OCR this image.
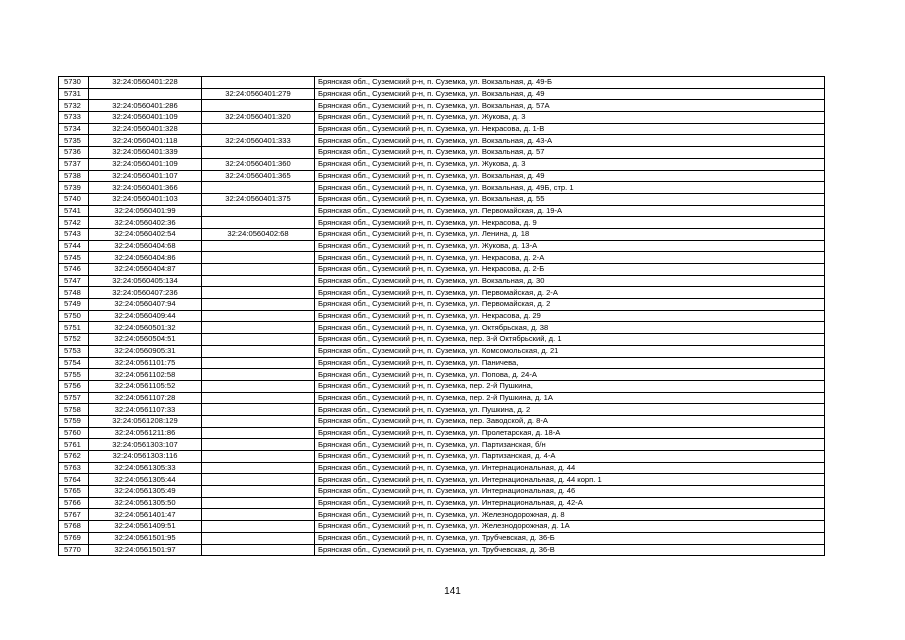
5730	32:24:0560401:228		Брянская обл., Суземский р-н, п. Суземка, ул. Вокзальная, д. 49-Б
5731		32:24:0560401:279	Брянская обл., Суземский р-н, п. Суземка, ул. Вокзальная, д. 49
5732	32:24:0560401:286		Брянская обл., Суземский р-н, п. Суземка, ул. Вокзальная, д. 57А
5733	32:24:0560401:109	32:24:0560401:320	Брянская обл., Суземский р-н, п. Суземка, ул. Жукова, д. 3
5734	32:24:0560401:328		Брянская обл., Суземский р-н, п. Суземка, ул. Некрасова, д. 1-В
5735	32:24:0560401:118	32:24:0560401:333	Брянская обл., Суземский р-н, п. Суземка, ул. Вокзальная, д. 43-А
5736	32:24:0560401:339		Брянская обл., Суземский р-н, п. Суземка, ул. Вокзальная, д. 57
5737	32:24:0560401:109	32:24:0560401:360	Брянская обл., Суземский р-н, п. Суземка, ул. Жукова, д. 3
5738	32:24:0560401:107	32:24:0560401:365	Брянская обл., Суземский р-н, п. Суземка, ул. Вокзальная, д. 49
5739	32:24:0560401:366		Брянская обл., Суземский р-н, п. Суземка, ул. Вокзальная, д. 49Б, стр. 1
5740	32:24:0560401:103	32:24:0560401:375	Брянская обл., Суземский р-н, п. Суземка, ул. Вокзальная, д. 55
5741	32:24:0560401:99		Брянская обл., Суземский р-н, п. Суземка, ул. Первомайская, д. 19-А
5742	32:24:0560402:36		Брянская обл., Суземский р-н, п. Суземка, ул. Некрасова, д. 9
5743	32:24:0560402:54	32:24:0560402:68	Брянская обл., Суземский р-н, п. Суземка, ул. Ленина, д. 18
5744	32:24:0560404:68		Брянская обл., Суземский р-н, п. Суземка, ул. Жукова, д. 13-А
5745	32:24:0560404:86		Брянская обл., Суземский р-н, п. Суземка, ул. Некрасова, д. 2-А
5746	32:24:0560404:87		Брянская обл., Суземский р-н, п. Суземка, ул. Некрасова, д. 2-Б
5747	32:24:0560405:134		Брянская обл., Суземский р-н, п. Суземка, ул. Вокзальная, д. 30
5748	32:24:0560407:236		Брянская обл., Суземский р-н, п. Суземка, ул. Первомайская, д. 2-А
5749	32:24:0560407:94		Брянская обл., Суземский р-н, п. Суземка, ул. Первомайская, д. 2
5750	32:24:0560409:44		Брянская обл., Суземский р-н, п. Суземка, ул. Некрасова, д. 29
5751	32:24:0560501:32		Брянская обл., Суземский р-н, п. Суземка, ул. Октябрьская, д. 38
5752	32:24:0560504:51		Брянская обл., Суземский р-н, п. Суземка, пер. 3-й Октябрьский, д. 1
5753	32:24:0560905:31		Брянская обл., Суземский р-н, п. Суземка, ул. Комсомольская, д. 21
5754	32:24:0561101:75		Брянская обл., Суземский р-н, п. Суземка, ул. Паничева,
5755	32:24:0561102:58		Брянская обл., Суземский р-н, п. Суземка, ул. Попова, д. 24-А
5756	32:24:0561105:52		Брянская обл., Суземский р-н, п. Суземка, пер. 2-й Пушкина,
5757	32:24:0561107:28		Брянская обл., Суземский р-н, п. Суземка, пер. 2-й Пушкина, д. 1А
5758	32:24:0561107:33		Брянская обл., Суземский р-н, п. Суземка, ул. Пушкина, д. 2
5759	32:24:0561208:129		Брянская обл., Суземский р-н, п. Суземка, пер. Заводской, д. 8-А
5760	32:24:0561211:86		Брянская обл., Суземский р-н, п. Суземка, ул. Пролетарская, д. 18-А
5761	32:24:0561303:107		Брянская обл., Суземский р-н, п. Суземка, ул. Партизанская, б/н
5762	32:24:0561303:116		Брянская обл., Суземский р-н, п. Суземка, ул. Партизанская, д. 4-А
5763	32:24:0561305:33		Брянская обл., Суземский р-н, п. Суземка, ул. Интернациональная, д. 44
5764	32:24:0561305:44		Брянская обл., Суземский р-н, п. Суземка, ул. Интернациональная, д. 44 корп. 1
5765	32:24:0561305:49		Брянская обл., Суземский р-н, п. Суземка, ул. Интернациональная, д. 46
5766	32:24:0561305:50		Брянская обл., Суземский р-н, п. Суземка, ул. Интернациональная, д. 42-А
5767	32:24:0561401:47		Брянская обл., Суземский р-н, п. Суземка, ул. Железнодорожная, д. 8
5768	32:24:0561409:51		Брянская обл., Суземский р-н, п. Суземка, ул. Железнодорожная, д. 1А
5769	32:24:0561501:95		Брянская обл., Суземский р-н, п. Суземка, ул. Трубчевская, д. 36-Б
5770	32:24:0561501:97		Брянская обл., Суземский р-н, п. Суземка, ул. Трубчевская, д. 36-В
141
